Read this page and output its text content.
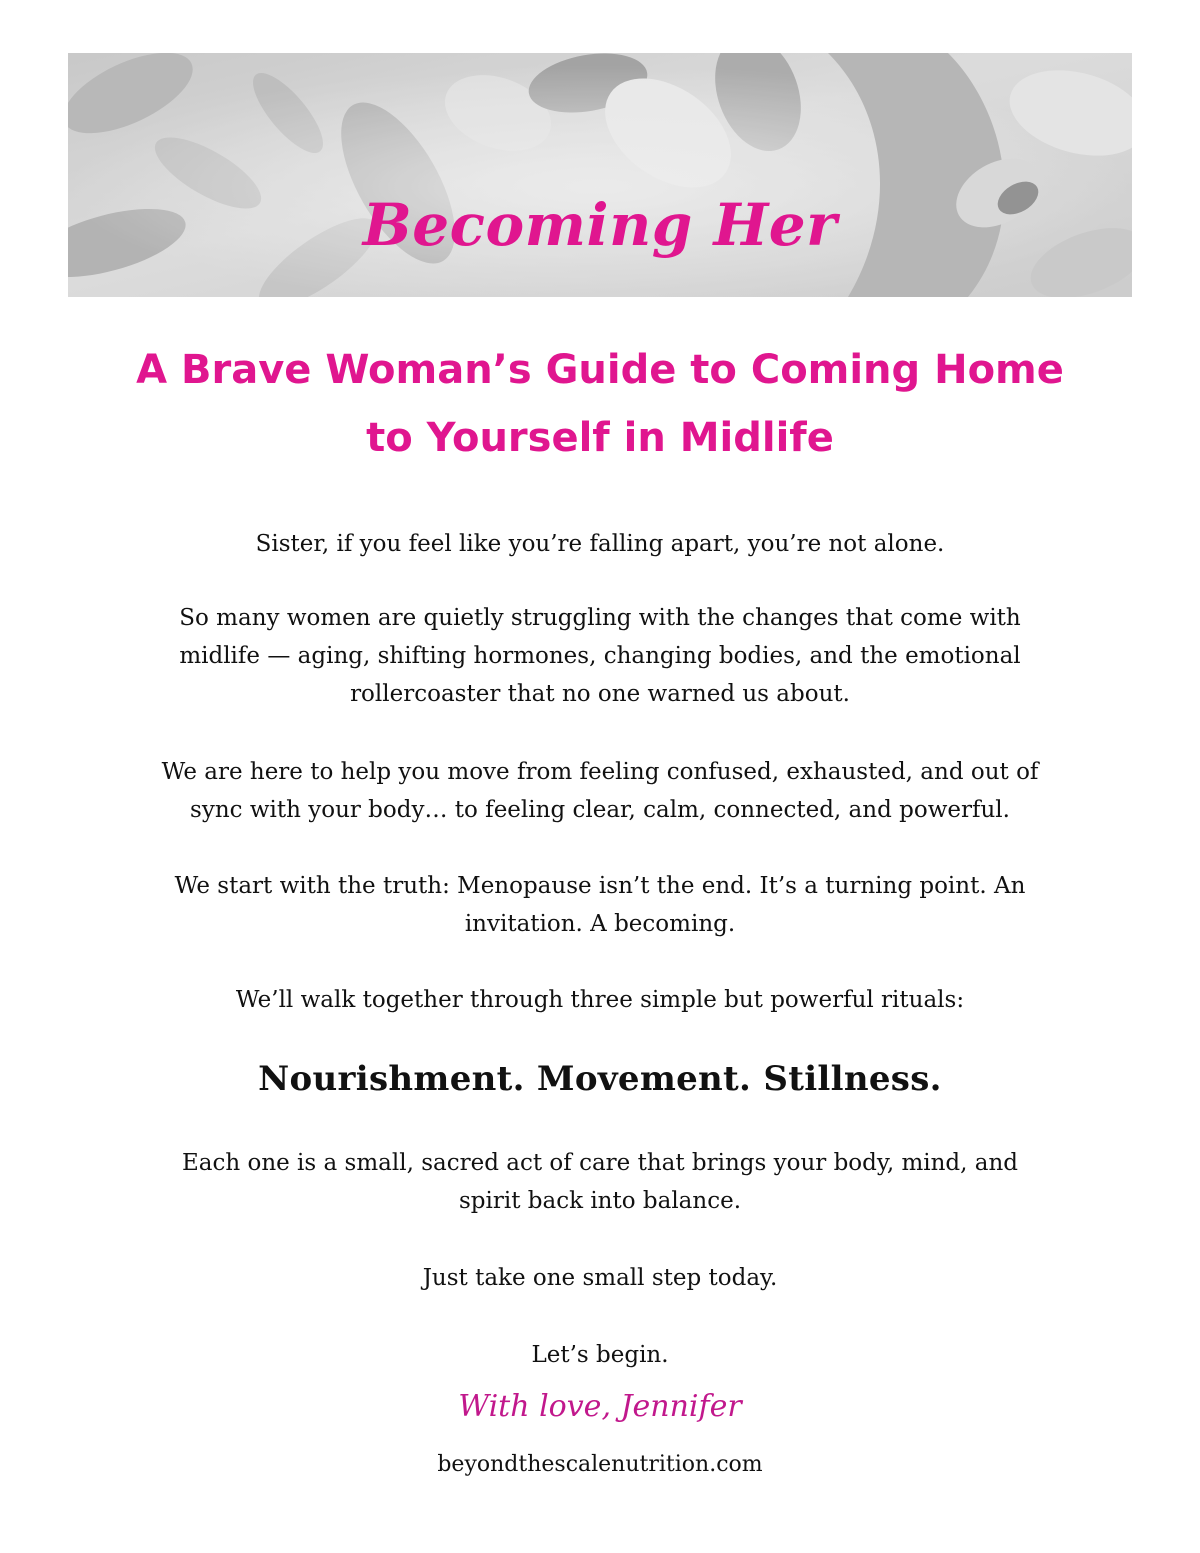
Becoming Her
A Brave Woman’s Guide to Coming Home
to Yourself in Midlife

Sister, if you feel like you’re falling apart, you’re not alone.

So many women are quietly struggling with the changes that come with
midlife — aging, shifting hormones, changing bodies, and the emotional
rollercoaster that no one warned us about.

We are here to help you move from feeling confused, exhausted, and out of
sync with your body… to feeling clear, calm, connected, and powerful.

We start with the truth: Menopause isn’t the end. It’s a turning point. An
invitation. A becoming.

We’ll walk together through three simple but powerful rituals:

Nourishment. Movement. Stillness.

Each one is a small, sacred act of care that brings your body, mind, and
spirit back into balance.

Just take one small step today.

Let’s begin.

With love, Jennifer
beyondthescalenutrition.com
